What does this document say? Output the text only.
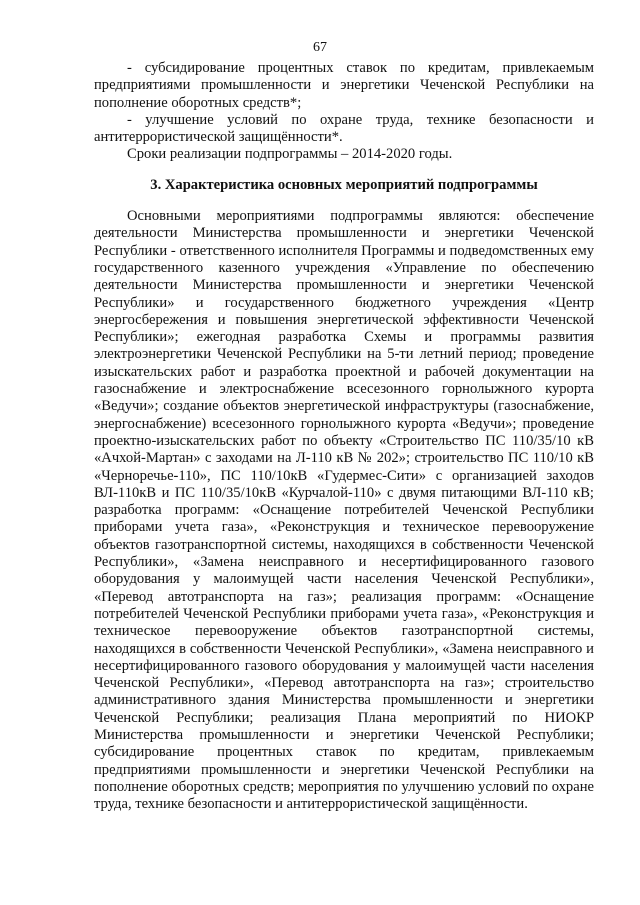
67

- субсидирование процентных ставок по кредитам, привлекаемым предприятиями промышленности и энергетики Чеченской Республики на пополнение оборотных средств*;

- улучшение условий по охране труда, технике безопасности и антитеррористической защищённости*.

Сроки реализации подпрограммы – 2014-2020 годы.

3. Характеристика основных мероприятий подпрограммы

Основными мероприятиями подпрограммы являются: обеспечение деятельности Министерства промышленности и энергетики Чеченской Республики - ответственного исполнителя Программы и подведомственных ему государственного казенного учреждения «Управление по обеспечению деятельности Министерства промышленности и энергетики Чеченской Республики» и государственного бюджетного учреждения «Центр энергосбережения и повышения энергетической эффективности Чеченской Республики»; ежегодная разработка Схемы и программы развития электроэнергетики Чеченской Республики на 5-ти летний период; проведение изыскательских работ и разработка проектной и рабочей документации на газоснабжение и электроснабжение всесезонного горнолыжного курорта «Ведучи»; создание объектов энергетической инфраструктуры (газоснабжение, энергоснабжение) всесезонного горнолыжного курорта «Ведучи»; проведение проектно-изыскательских работ по объекту «Строительство ПС 110/35/10 кВ «Ачхой-Мартан» с заходами на Л-110 кВ № 202»; строительство ПС 110/10 кВ «Черноречье-110», ПС 110/10кВ «Гудермес-Сити» с организацией заходов ВЛ-110кВ и ПС 110/35/10кВ «Курчалой-110» с двумя питающими ВЛ-110 кВ; разработка программ: «Оснащение потребителей Чеченской Республики приборами учета газа», «Реконструкция и техническое перевооружение объектов газотранспортной системы, находящихся в собственности Чеченской Республики», «Замена неисправного и несертифицированного газового оборудования у малоимущей части населения Чеченской Республики», «Перевод автотранспорта на газ»; реализация программ: «Оснащение потребителей Чеченской Республики приборами учета газа», «Реконструкция и техническое перевооружение объектов газотранспортной системы, находящихся в собственности Чеченской Республики», «Замена неисправного и несертифицированного газового оборудования у малоимущей части населения Чеченской Республики», «Перевод автотранспорта на газ»; строительство административного здания Министерства промышленности и энергетики Чеченской Республики; реализация Плана мероприятий по НИОКР Министерства промышленности и энергетики Чеченской Республики; субсидирование процентных ставок по кредитам, привлекаемым предприятиями промышленности и энергетики Чеченской Республики на пополнение оборотных средств; мероприятия по улучшению условий по охране труда, технике безопасности и антитеррористической защищённости.
